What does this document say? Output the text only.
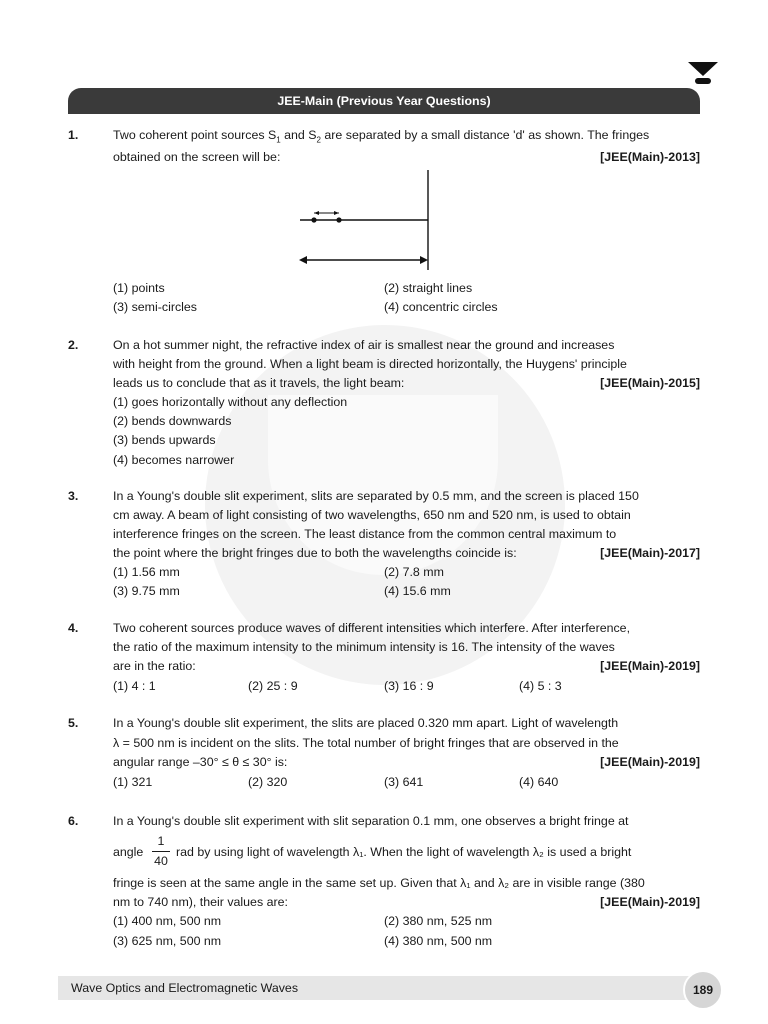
JEE-Main (Previous Year Questions)
1.	Two coherent point sources $S_1$ and $S_2$ are separated by a small distance 'd' as shown. The fringes
obtained on the screen will be:	[JEE(Main)-2013]
(1) points	(2) straight lines
(3) semi-circles	(4) concentric circles
2.	On a hot summer night, the refractive index of air is smallest near the ground and increases
with height from the ground. When a light beam is directed horizontally, the Huygens' principle
leads us to conclude that as it travels, the light beam:	[JEE(Main)-2015]
(1) goes horizontally without any deflection
(2) bends downwards
(3) bends upwards
(4) becomes narrower
3.	In a Young's double slit experiment, slits are separated by 0.5 mm, and the screen is placed 150
cm away. A beam of light consisting of two wavelengths, 650 nm and 520 nm, is used to obtain
interference fringes on the screen. The least distance from the common central maximum to
the point where the bright fringes due to both the wavelengths coincide is:	[JEE(Main)-2017]
(1) 1.56 mm	(2) 7.8 mm
(3) 9.75 mm	(4) 15.6 mm
4.	Two coherent sources produce waves of different intensities which interfere. After interference,
the ratio of the maximum intensity to the minimum intensity is 16. The intensity of the waves
are in the ratio:	[JEE(Main)-2019]
(1) 4 : 1	(2) 25 : 9	(3) 16 : 9	(4) 5 : 3
5.	In a Young's double slit experiment, the slits are placed 0.320 mm apart. Light of wavelength
λ = 500 nm is incident on the slits. The total number of bright fringes that are observed in the
angular range –30° ≤ θ ≤ 30° is:	[JEE(Main)-2019]
(1) 321	(2) 320	(3) 641	(4) 640
6.	In a Young's double slit experiment with slit separation 0.1 mm, one observes a bright fringe at
angle
1
40
rad by using light of wavelength λ₁. When the light of wavelength λ₂ is used a bright
fringe is seen at the same angle in the same set up. Given that λ₁ and λ₂ are in visible range (380
nm to 740 nm), their values are:	[JEE(Main)-2019]
(1) 400 nm, 500 nm	(2) 380 nm, 525 nm
(3) 625 nm, 500 nm	(4) 380 nm, 500 nm
Wave Optics and Electromagnetic Waves	189
